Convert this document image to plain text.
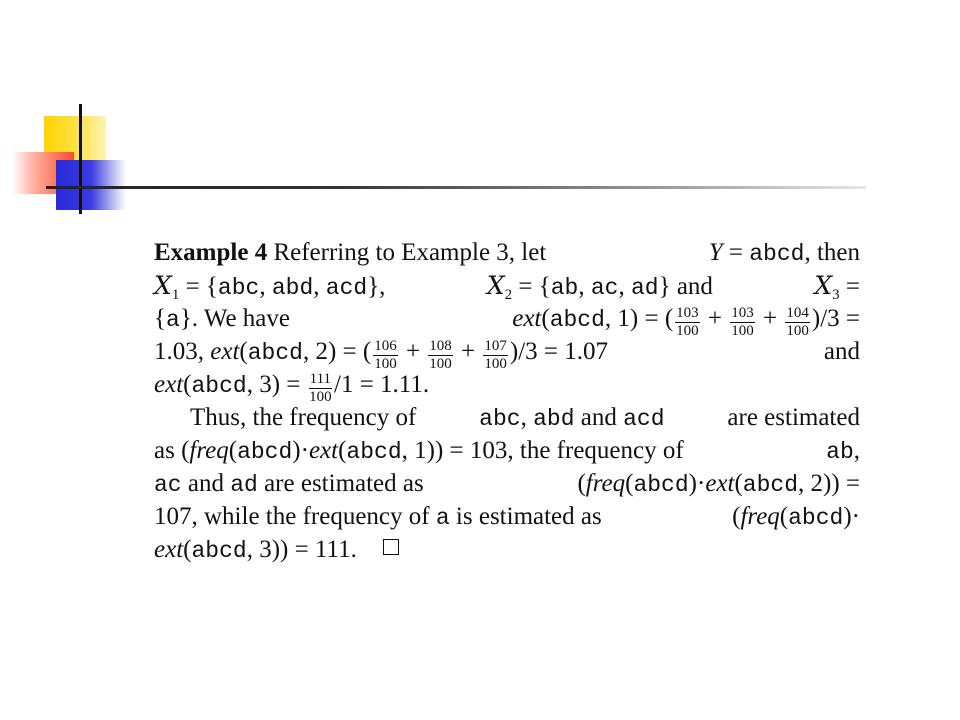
Example 4 Referring to Example 3, let	Y = abcd, then
$X_1 = \{abc$, abd, acd},	$X_2 = \{ab$, ac, ad} and	$X_3$ =
{a}. We have	ext(abcd, 1) = ( $\frac{103}{100} + \frac{103}{100} + \frac{104}{100} )/3$ =
1.03, ext(abcd, 2) = ( $\frac{106}{100} + \frac{108}{100} + \frac{107}{100} )/3 = 1.07$	and
ext(abcd, $3) = \frac{111}{100} /1 = 1.11$.
Thus, the frequency of	abc, abd and acd	are estimated
as (freq(abcd)·ext(abcd, 1)) = 103, the frequency of	ab,
ac and ad are estimated as	(freq(abcd)·ext(abcd, 2)) =
107, while the frequency of a is estimated as	(freq(abcd)·
ext(abcd, 3)) = 111.
